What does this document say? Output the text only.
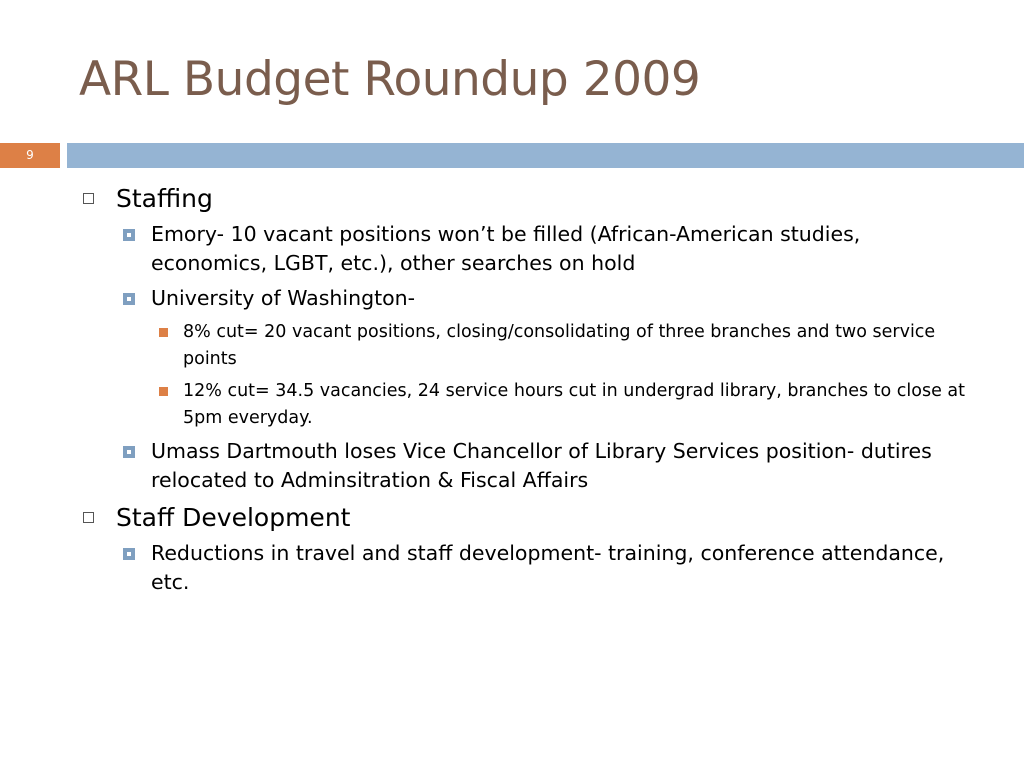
ARL Budget Roundup 2009
9
Staffing
Emory- 10 vacant positions won’t be filled (African-American studies, economics, LGBT, etc.), other searches on hold
University of Washington-
8% cut= 20 vacant positions, closing/consolidating of three branches and two service points
12% cut= 34.5 vacancies, 24 service hours cut in undergrad library, branches to close at 5pm everyday.
Umass Dartmouth loses Vice Chancellor of Library Services position- dutires relocated to Adminsitration & Fiscal Affairs
Staff Development
Reductions in travel and staff development- training, conference attendance, etc.
